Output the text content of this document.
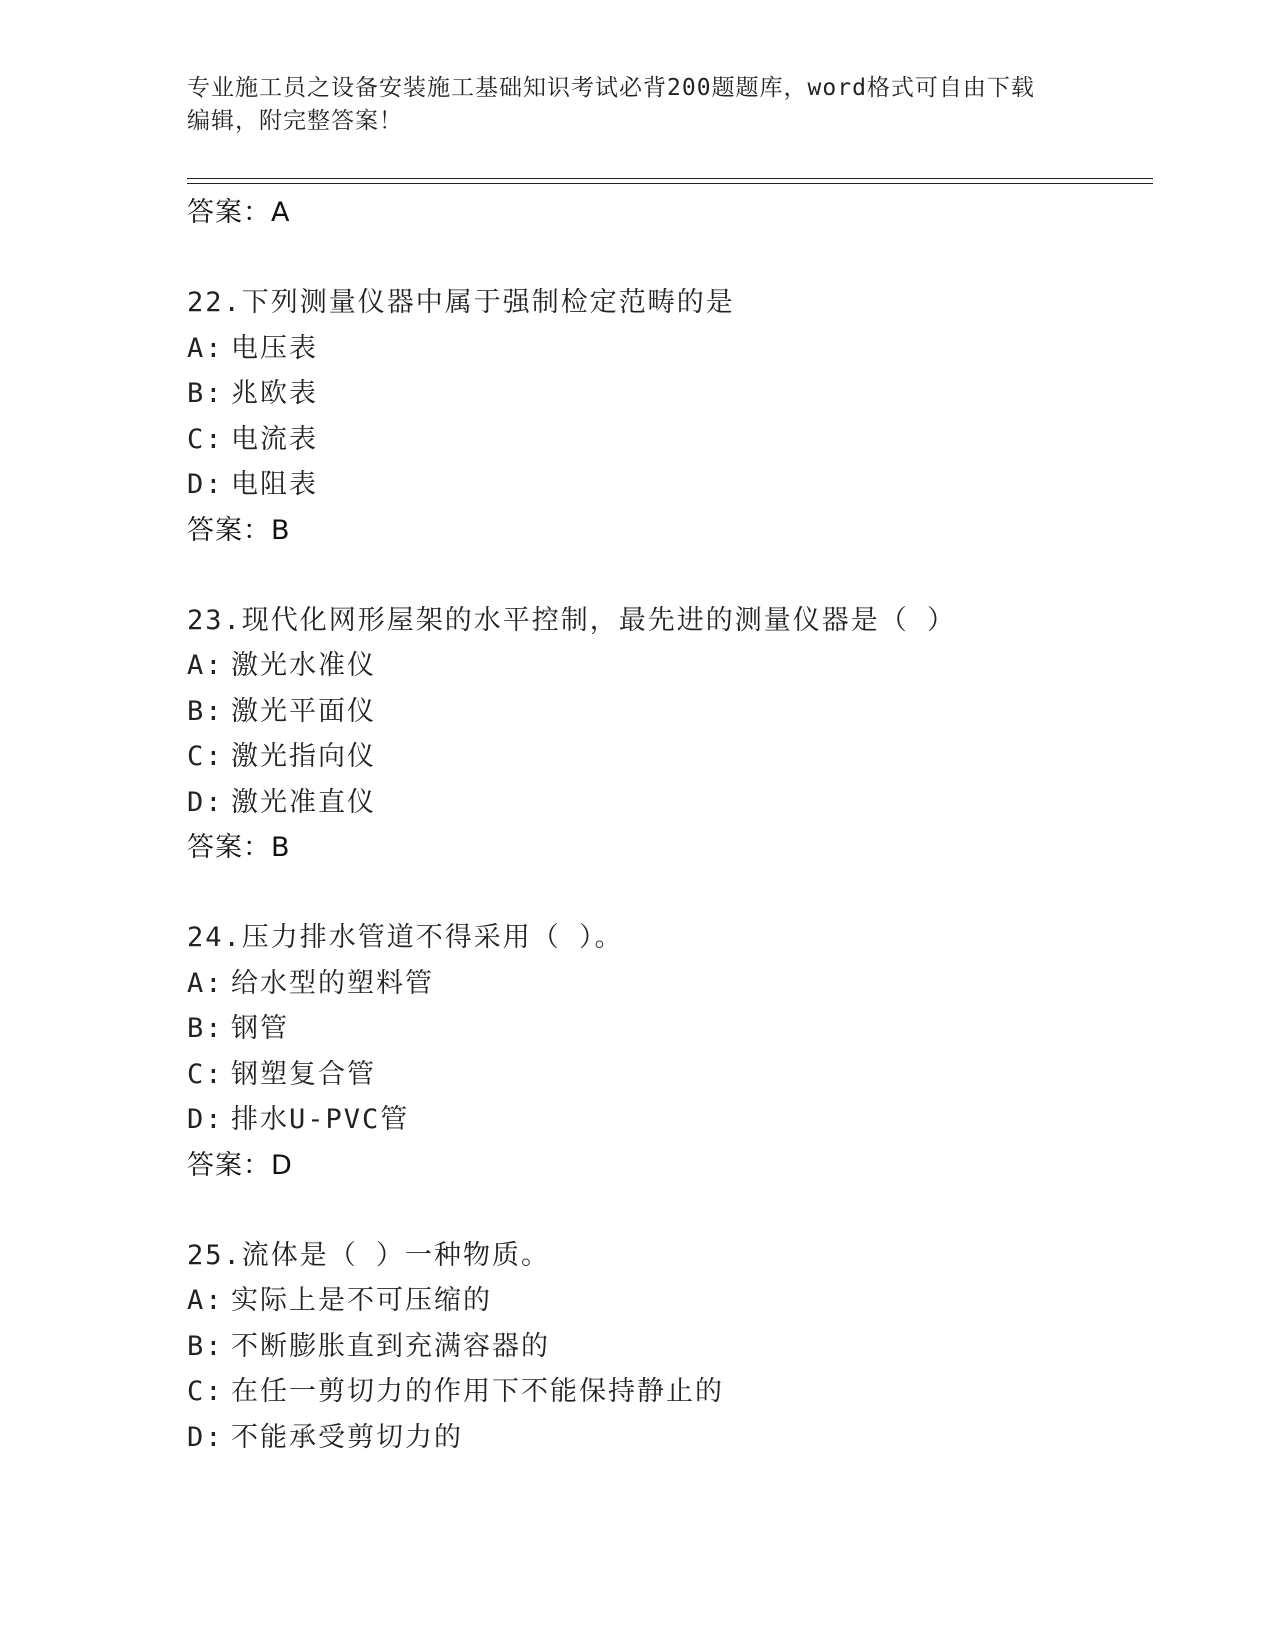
专业施工员之设备安装施工基础知识考试必背200题题库，word格式可自由下载
编辑，附完整答案！
答案：A
22.下列测量仪器中属于强制检定范畴的是
A: 电压表
B: 兆欧表
C: 电流表
D: 电阻表
答案：B
23.现代化网形屋架的水平控制，最先进的测量仪器是（ ）
A: 激光水准仪
B: 激光平面仪
C: 激光指向仪
D: 激光准直仪
答案：B
24.压力排水管道不得采用（ ）。
A: 给水型的塑料管
B: 钢管
C: 钢塑复合管
D: 排水U-PVC管
答案：D
25.流体是（ ）一种物质。
A: 实际上是不可压缩的
B: 不断膨胀直到充满容器的
C: 在任一剪切力的作用下不能保持静止的
D: 不能承受剪切力的
